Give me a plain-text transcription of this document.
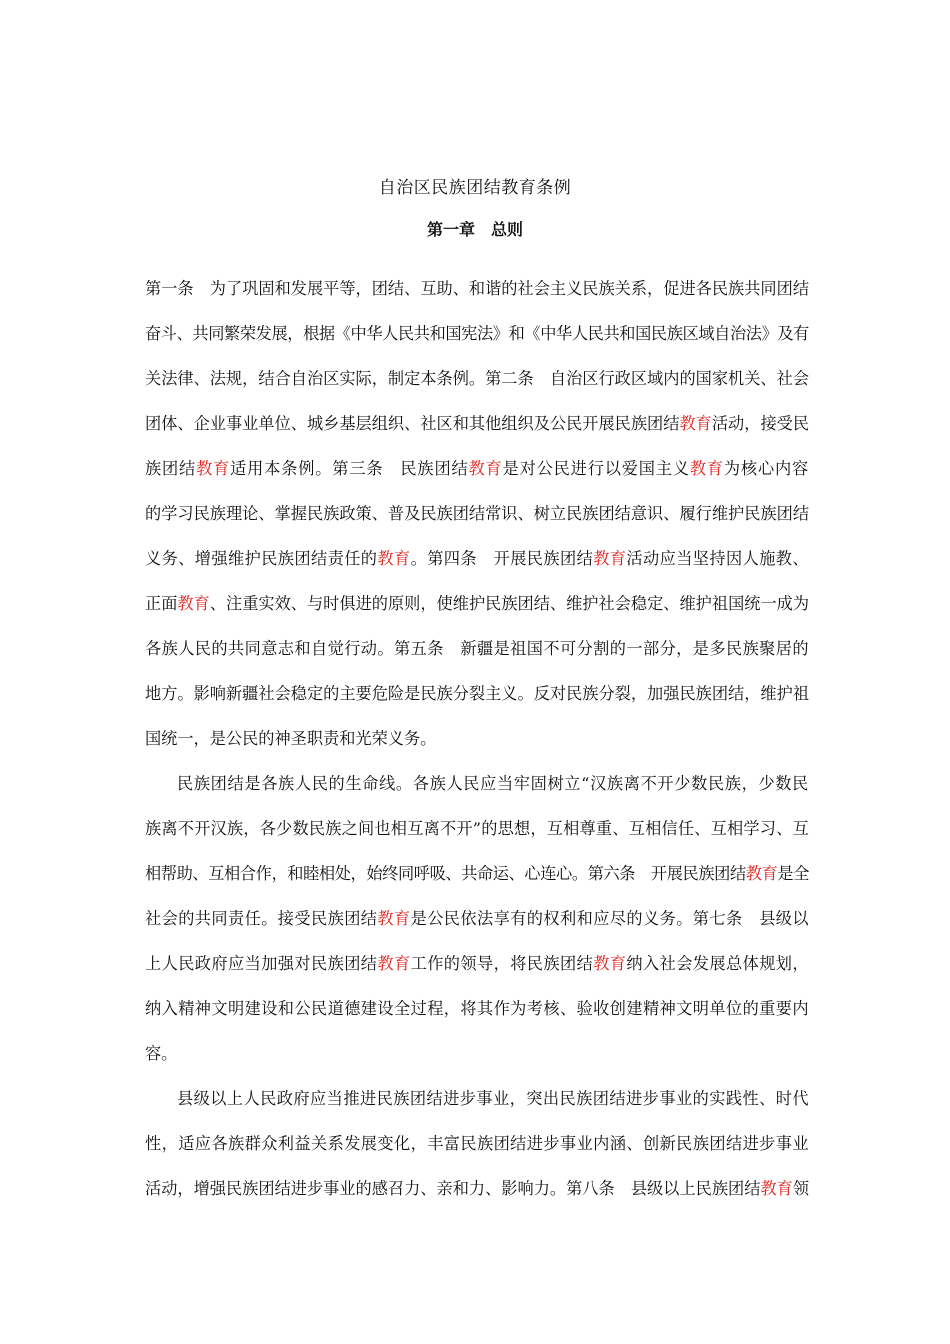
自治区民族团结教育条例
第一章　总则
第一条　为了巩固和发展平等，团结、互助、和谐的社会主义民族关系，促进各民族共同团结
奋斗、共同繁荣发展，根据《中华人民共和国宪法》和《中华人民共和国民族区域自治法》及有
关法律、法规，结合自治区实际，制定本条例。第二条　自治区行政区域内的国家机关、社会
团体、企业事业单位、城乡基层组织、社区和其他组织及公民开展民族团结教育活动，接受民
族团结教育适用本条例。第三条　民族团结教育是对公民进行以爱国主义教育为核心内容
的学习民族理论、掌握民族政策、普及民族团结常识、树立民族团结意识、履行维护民族团结
义务、增强维护民族团结责任的教育。第四条　开展民族团结教育活动应当坚持因人施教、
正面教育、注重实效、与时俱进的原则，使维护民族团结、维护社会稳定、维护祖国统一成为
各族人民的共同意志和自觉行动。第五条　新疆是祖国不可分割的一部分，是多民族聚居的
地方。影响新疆社会稳定的主要危险是民族分裂主义。反对民族分裂，加强民族团结，维护祖
国统一，是公民的神圣职责和光荣义务。
民族团结是各族人民的生命线。各族人民应当牢固树立“汉族离不开少数民族，少数民
族离不开汉族，各少数民族之间也相互离不开”的思想，互相尊重、互相信任、互相学习、互
相帮助、互相合作，和睦相处，始终同呼吸、共命运、心连心。第六条　开展民族团结教育是全
社会的共同责任。接受民族团结教育是公民依法享有的权利和应尽的义务。第七条　县级以
上人民政府应当加强对民族团结教育工作的领导，将民族团结教育纳入社会发展总体规划，
纳入精神文明建设和公民道德建设全过程，将其作为考核、验收创建精神文明单位的重要内
容。
县级以上人民政府应当推进民族团结进步事业，突出民族团结进步事业的实践性、时代
性，适应各族群众利益关系发展变化，丰富民族团结进步事业内涵、创新民族团结进步事业
活动，增强民族团结进步事业的感召力、亲和力、影响力。第八条　县级以上民族团结教育领
